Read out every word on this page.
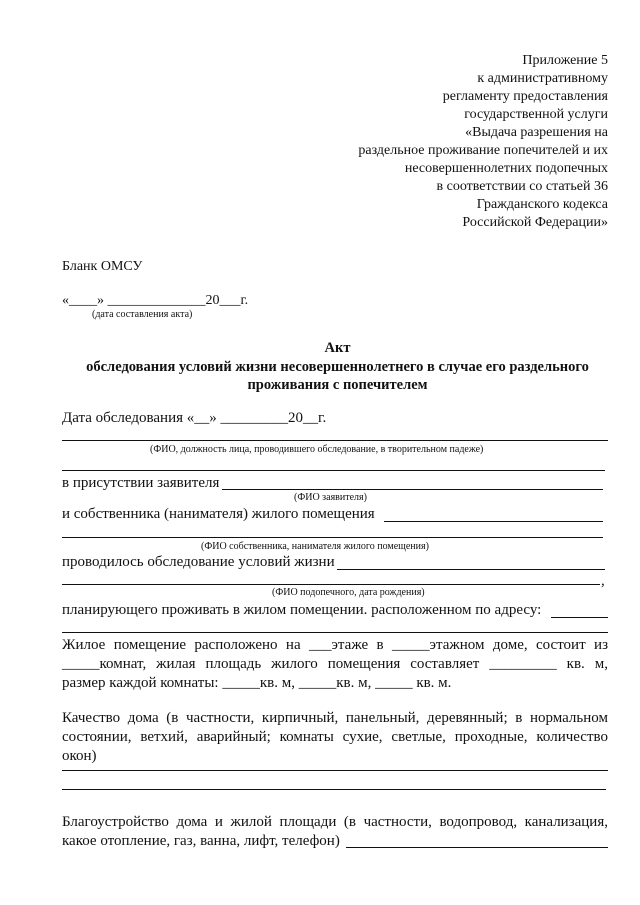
Приложение 5
к административному
регламенту предоставления
государственной услуги
«Выдача разрешения на
раздельное проживание попечителей и их
несовершеннолетних подопечных
в соответствии со статьей 36
Гражданского кодекса
Российской Федерации»
Бланк ОМСУ
«____» ______________20___г.
(дата составления акта)
Акт
обследования условий жизни несовершеннолетнего в случае его раздельного
проживания с попечителем
Дата обследования «__» _________20__г.
(ФИО, должность лица, проводившего обследование, в творительном падеже)
в присутствии заявителя
(ФИО заявителя)
и собственника (нанимателя) жилого помещения
(ФИО собственника, нанимателя жилого помещения)
проводилось обследование условий жизни
,
(ФИО подопечного, дата рождения)
планирующего проживать в жилом помещении. расположенном по адресу:
Жилое помещение расположено на ___этаже в _____этажном доме, состоит из
_____комнат, жилая площадь жилого помещения составляет _________ кв. м,
размер каждой комнаты: _____кв. м, _____кв. м, _____ кв. м.
Качество дома (в частности, кирпичный, панельный, деревянный; в нормальном
состоянии, ветхий, аварийный; комнаты сухие, светлые, проходные, количество
окон)
Благоустройство дома и жилой площади (в частности, водопровод, канализация,
какое отопление, газ, ванна, лифт, телефон)
